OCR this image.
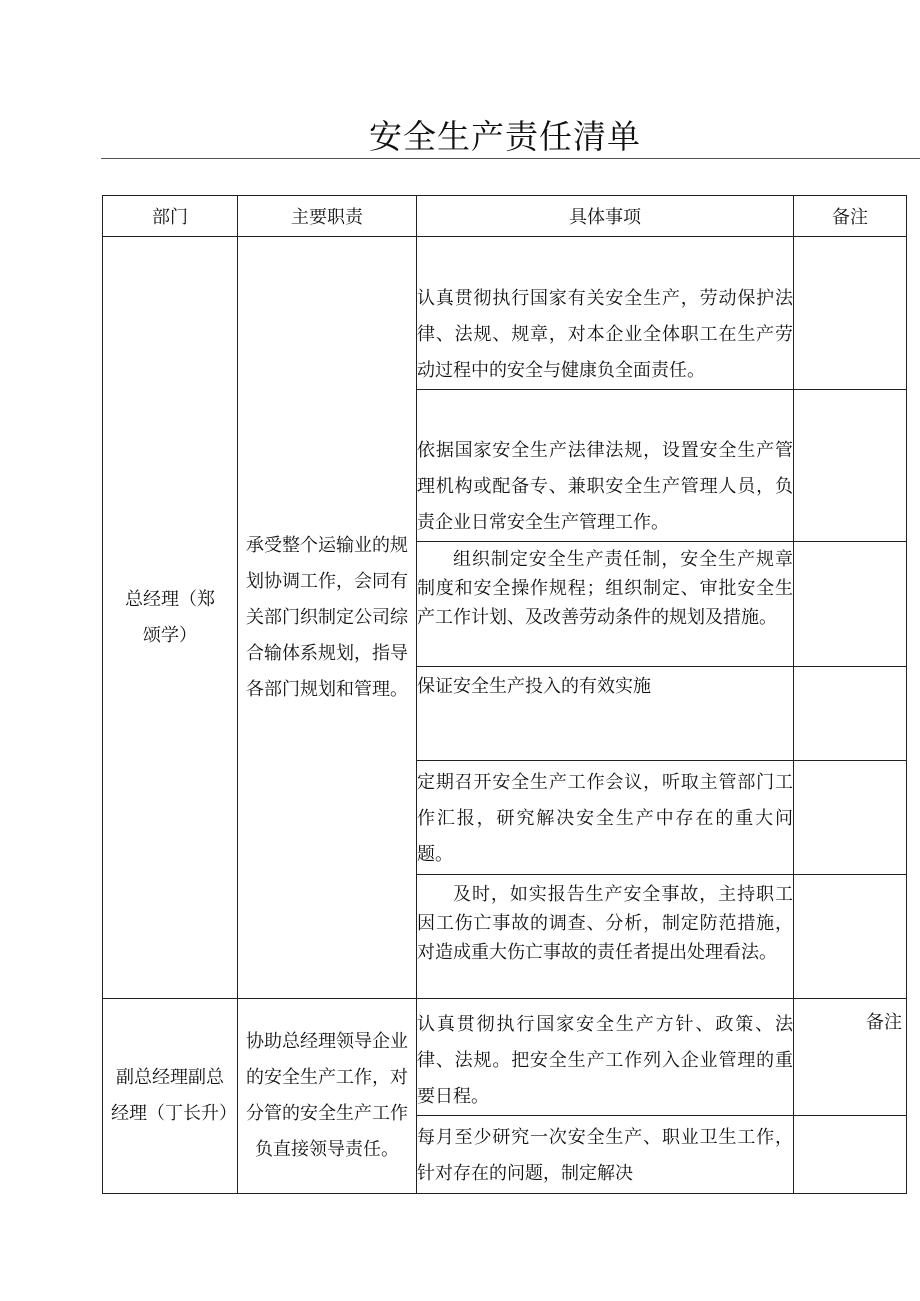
安全生产责任清单
部门	主要职责	具体事项	备注

总经理（郑颂学）	承受整个运输业的规划协调工作，会同有关部门织制定公司综合输体系规划，指导各部门规划和管理。	认真贯彻执行国家有关安全生产，劳动保护法律、法规、规章，对本企业全体职工在生产劳动过程中的安全与健康负全面责任。	

		依据国家安全生产法律法规，设置安全生产管理机构或配备专、兼职安全生产管理人员，负责企业日常安全生产管理工作。	

		组织制定安全生产责任制，安全生产规章制度和安全操作规程；组织制定、审批安全生产工作计划、及改善劳动条件的规划及措施。	

		保证安全生产投入的有效实施	

		定期召开安全生产工作会议，听取主管部门工作汇报，研究解决安全生产中存在的重大问题。	

		及时，如实报告生产安全事故，主持职工因工伤亡事故的调查、分析，制定防范措施，对造成重大伤亡事故的责任者提出处理看法。	

副总经理副总经理（丁长升）	协助总经理领导企业的安全生产工作，对分管的安全生产工作负直接领导责任。	认真贯彻执行国家安全生产方针、政策、法律、法规。把安全生产工作列入企业管理的重要日程。	备注

		每月至少研究一次安全生产、职业卫生工作，针对存在的问题，制定解决	
